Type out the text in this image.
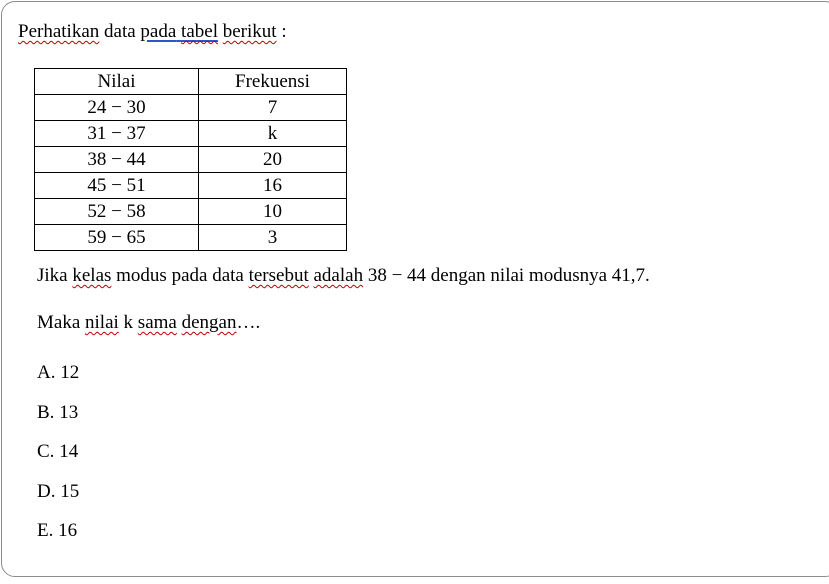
Perhatikan data pada tabel berikut :
Nilai	Frekuensi
24 − 30	7
31 − 37	k
38 − 44	20
45 − 51	16
52 − 58	10
59 − 65	3
Jika kelas modus pada data tersebut adalah 38 − 44 dengan nilai modusnya 41,7.
Maka nilai k sama dengan….
A. 12
B. 13
C. 14
D. 15
E. 16
